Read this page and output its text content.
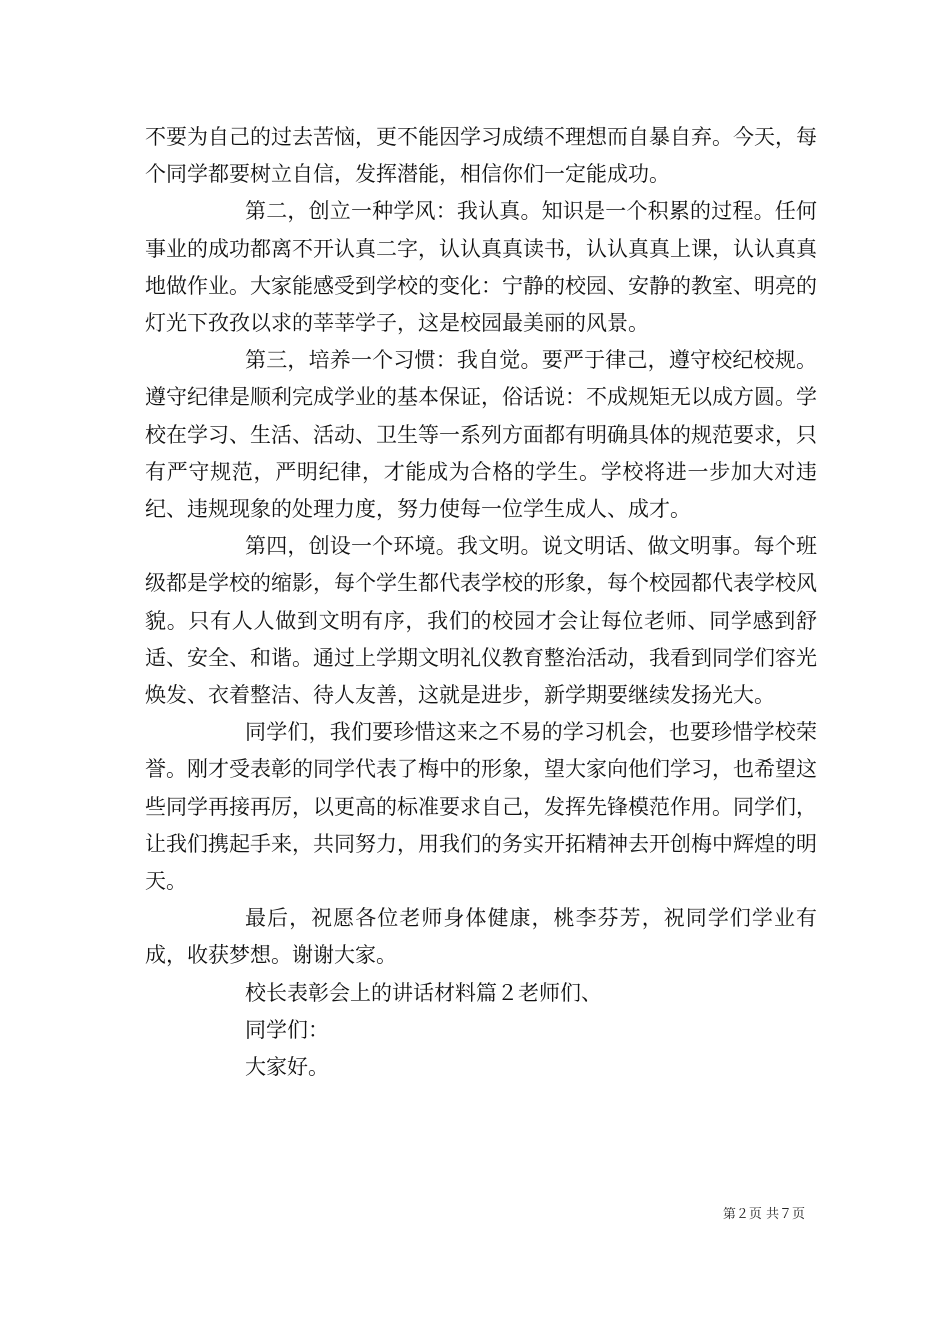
不要为自己的过去苦恼，更不能因学习成绩不理想而自暴自弃。今天，每个同学都要树立自信，发挥潜能，相信你们一定能成功。

第二，创立一种学风：我认真。知识是一个积累的过程。任何事业的成功都离不开认真二字，认认真真读书，认认真真上课，认认真真地做作业。大家能感受到学校的变化：宁静的校园、安静的教室、明亮的灯光下孜孜以求的莘莘学子，这是校园最美丽的风景。

第三，培养一个习惯：我自觉。要严于律己，遵守校纪校规。遵守纪律是顺利完成学业的基本保证，俗话说：不成规矩无以成方圆。学校在学习、生活、活动、卫生等一系列方面都有明确具体的规范要求，只有严守规范，严明纪律，才能成为合格的学生。学校将进一步加大对违纪、违规现象的处理力度，努力使每一位学生成人、成才。

第四，创设一个环境。我文明。说文明话、做文明事。每个班级都是学校的缩影，每个学生都代表学校的形象，每个校园都代表学校风貌。只有人人做到文明有序，我们的校园才会让每位老师、同学感到舒适、安全、和谐。通过上学期文明礼仪教育整治活动，我看到同学们容光焕发、衣着整洁、待人友善，这就是进步，新学期要继续发扬光大。

同学们，我们要珍惜这来之不易的学习机会，也要珍惜学校荣誉。刚才受表彰的同学代表了梅中的形象，望大家向他们学习，也希望这些同学再接再厉，以更高的标准要求自己，发挥先锋模范作用。同学们，让我们携起手来，共同努力，用我们的务实开拓精神去开创梅中辉煌的明天。

最后，祝愿各位老师身体健康，桃李芬芳，祝同学们学业有成，收获梦想。谢谢大家。

校长表彰会上的讲话材料篇２老师们、

同学们：

大家好。

第２页 共７页
